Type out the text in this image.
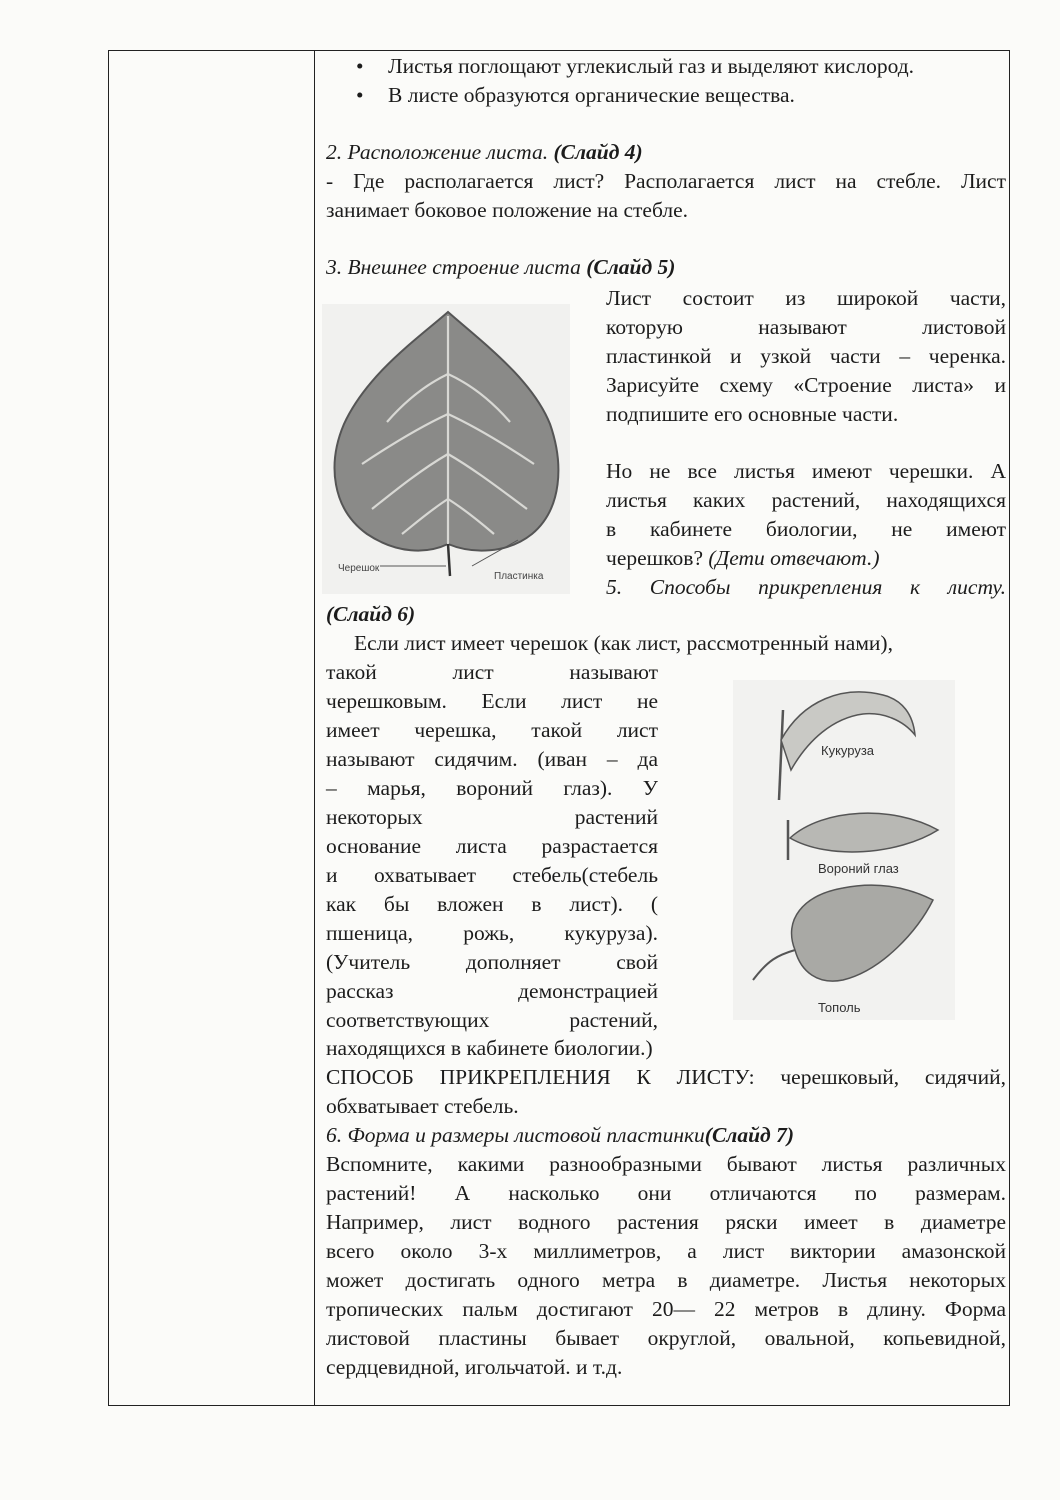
• Листья поглощают углекислый газ и выделяют кислород.
• В листе образуются органические вещества.
2. Расположение листа. (Слайд 4)
- Где располагается лист? Располагается лист на стебле. Лист
занимает боковое положение на стебле.
3. Внешнее строение листа (Слайд 5)
Черешок
Пластинка
Лист состоит из широкой части,
которую называют листовой
пластинкой и узкой части – черенка.
Зарисуйте схему «Строение листа» и
подпишите его основные части.
Но не все листья имеют черешки. А
листья каких растений, находящихся
в кабинете биологии, не имеют
черешков? (Дети отвечают.)
5. Способы прикрепления к листу.
(Слайд 6)
Если лист имеет черешок (как лист, рассмотренный нами),
такой лист называют
черешковым. Если лист не
имеет черешка, такой лист
называют сидячим. (иван – да
– марья, вороний глаз). У
некоторых растений
основание листа разрастается
и охватывает стебель(стебель
как бы вложен в лист). (
пшеница, рожь, кукуруза).
(Учитель дополняет свой
рассказ демонстрацией
соответствующих растений,
Кукуруза
Вороний глаз
Тополь
находящихся в кабинете биологии.)
СПОСОБ ПРИКРЕПЛЕНИЯ К ЛИСТУ: черешковый, сидячий,
обхватывает стебель.
6. Форма и размеры листовой пластинки(Слайд 7)
Вспомните, какими разнообразными бывают листья различных
растений! А насколько они отличаются по размерам.
Например, лист водного растения ряски имеет в диаметре
всего около 3-х миллиметров, а лист виктории амазонской
может достигать одного метра в диаметре. Листья некоторых
тропических пальм достигают 20— 22 метров в длину. Форма
листовой пластины бывает округлой, овальной, копьевидной,
сердцевидной, игольчатой. и т.д.
